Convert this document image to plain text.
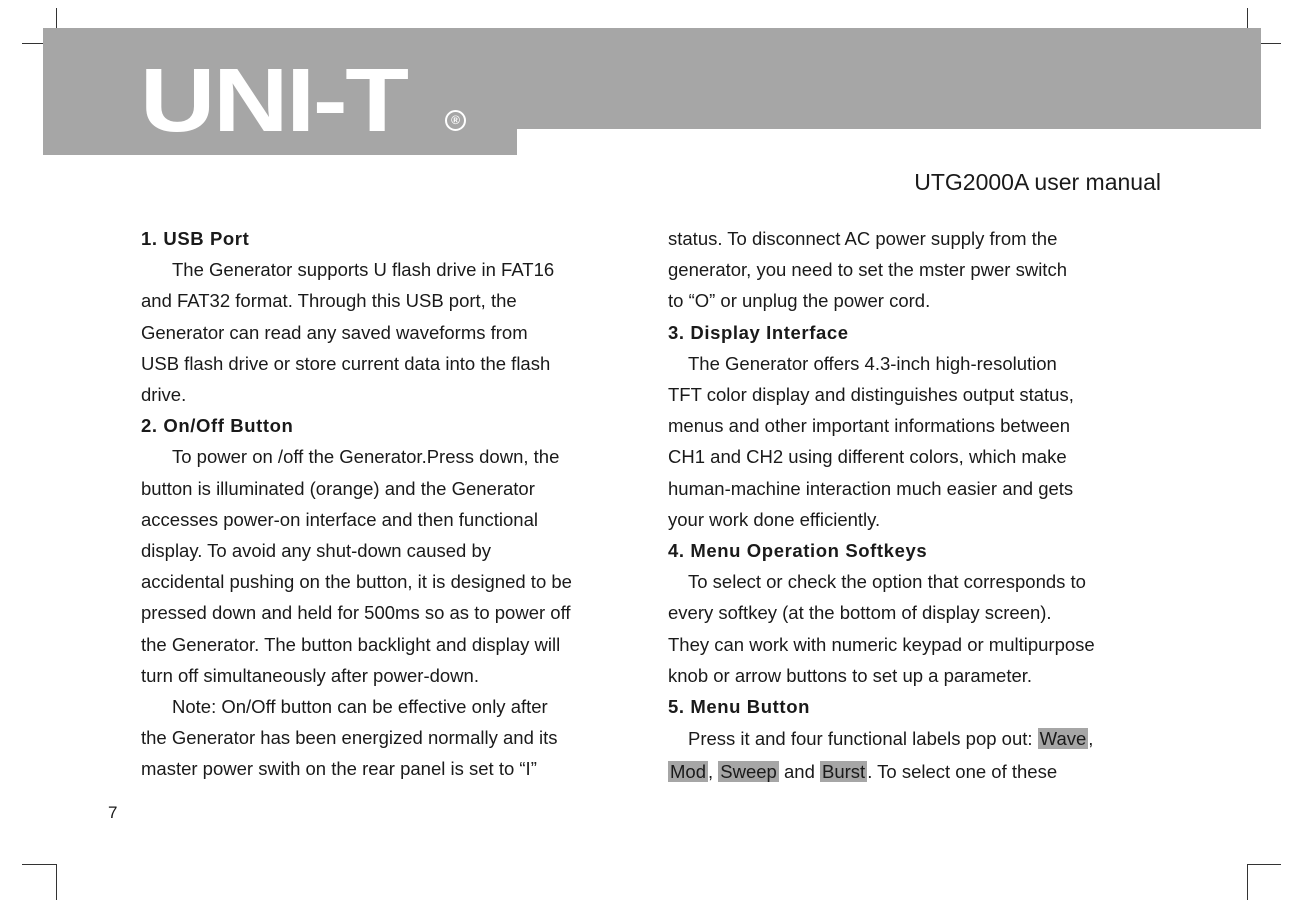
UNI-T	®
UTG2000A user manual

1. USB Port

The Generator supports U flash drive in FAT16
and FAT32 format. Through this USB port, the
Generator can read any saved waveforms from
USB flash drive or store current data into the flash
drive.

2. On/Off Button

To power on /off the Generator.Press down, the
button is illuminated (orange) and the Generator
accesses power-on interface and then functional
display. To avoid any shut-down caused by
accidental pushing on the button, it is designed to be
pressed down and held for 500ms so as to power off
the Generator. The button backlight and display will
turn off simultaneously after power-down.

Note: On/Off button can be effective only after
the Generator has been energized normally and its
master power swith on the rear panel is set to “I”

status. To disconnect AC power supply from the
generator, you need to set the mster pwer switch
to “O” or unplug the power cord.

3. Display Interface

The Generator offers 4.3-inch high-resolution
TFT color display and distinguishes output status,
menus and other important informations between
CH1 and CH2 using different colors, which make
human-machine interaction much easier and gets
your work done efficiently.

4. Menu Operation Softkeys

To select or check the option that corresponds to
every softkey (at the bottom of display screen).
They can work with numeric keypad or multipurpose
knob or arrow buttons to set up a parameter.

5. Menu Button

Press it and four functional labels pop out: Wave ,
Mod , Sweep and Burst . To select one of these

7
